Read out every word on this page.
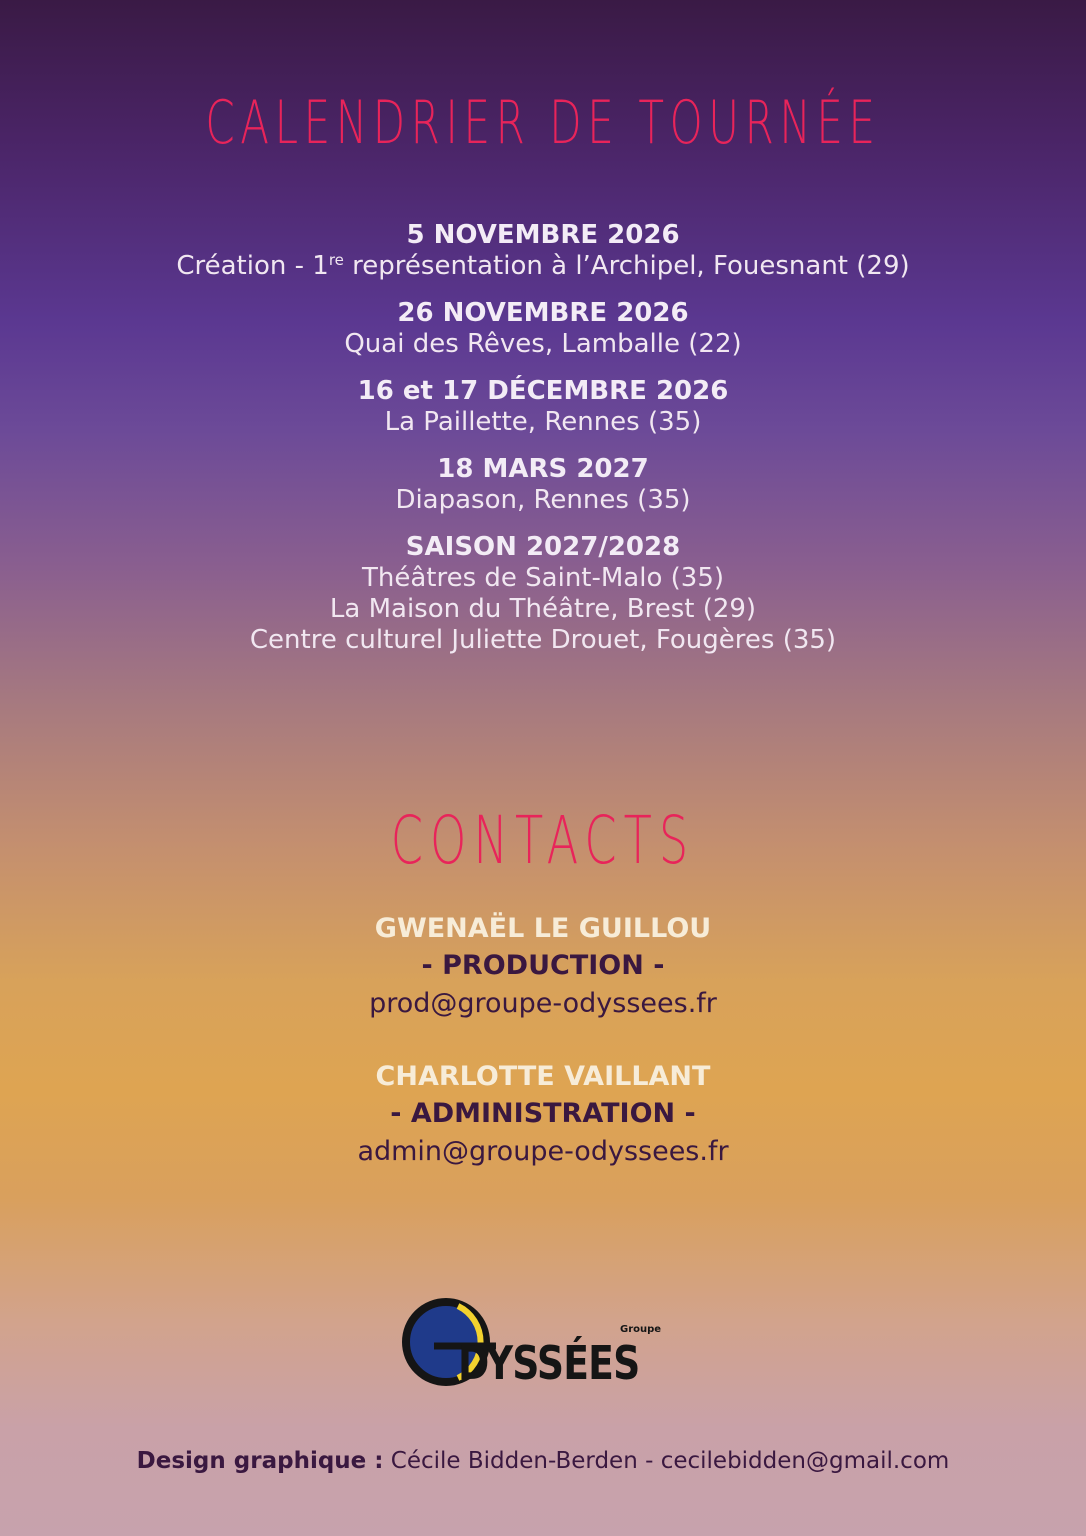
CALENDRIER DE TOURNÉE
5 NOVEMBRE 2026
Création - 1re représentation à l’Archipel, Fouesnant (29)
26 NOVEMBRE 2026
Quai des Rêves, Lamballe (22)
16 et 17 DÉCEMBRE 2026
La Paillette, Rennes (35)
18 MARS 2027
Diapason, Rennes (35)
SAISON 2027/2028
Théâtres de Saint-Malo (35)
La Maison du Théâtre, Brest (29)
Centre culturel Juliette Drouet, Fougères (35)
CONTACTS
GWENAËL LE GUILLOU
- PRODUCTION -
prod@groupe-odyssees.fr
CHARLOTTE VAILLANT
- ADMINISTRATION -
admin@groupe-odyssees.fr
Groupe
DYSSÉES
Design graphique : Cécile Bidden-Berden - cecilebidden@gmail.com
